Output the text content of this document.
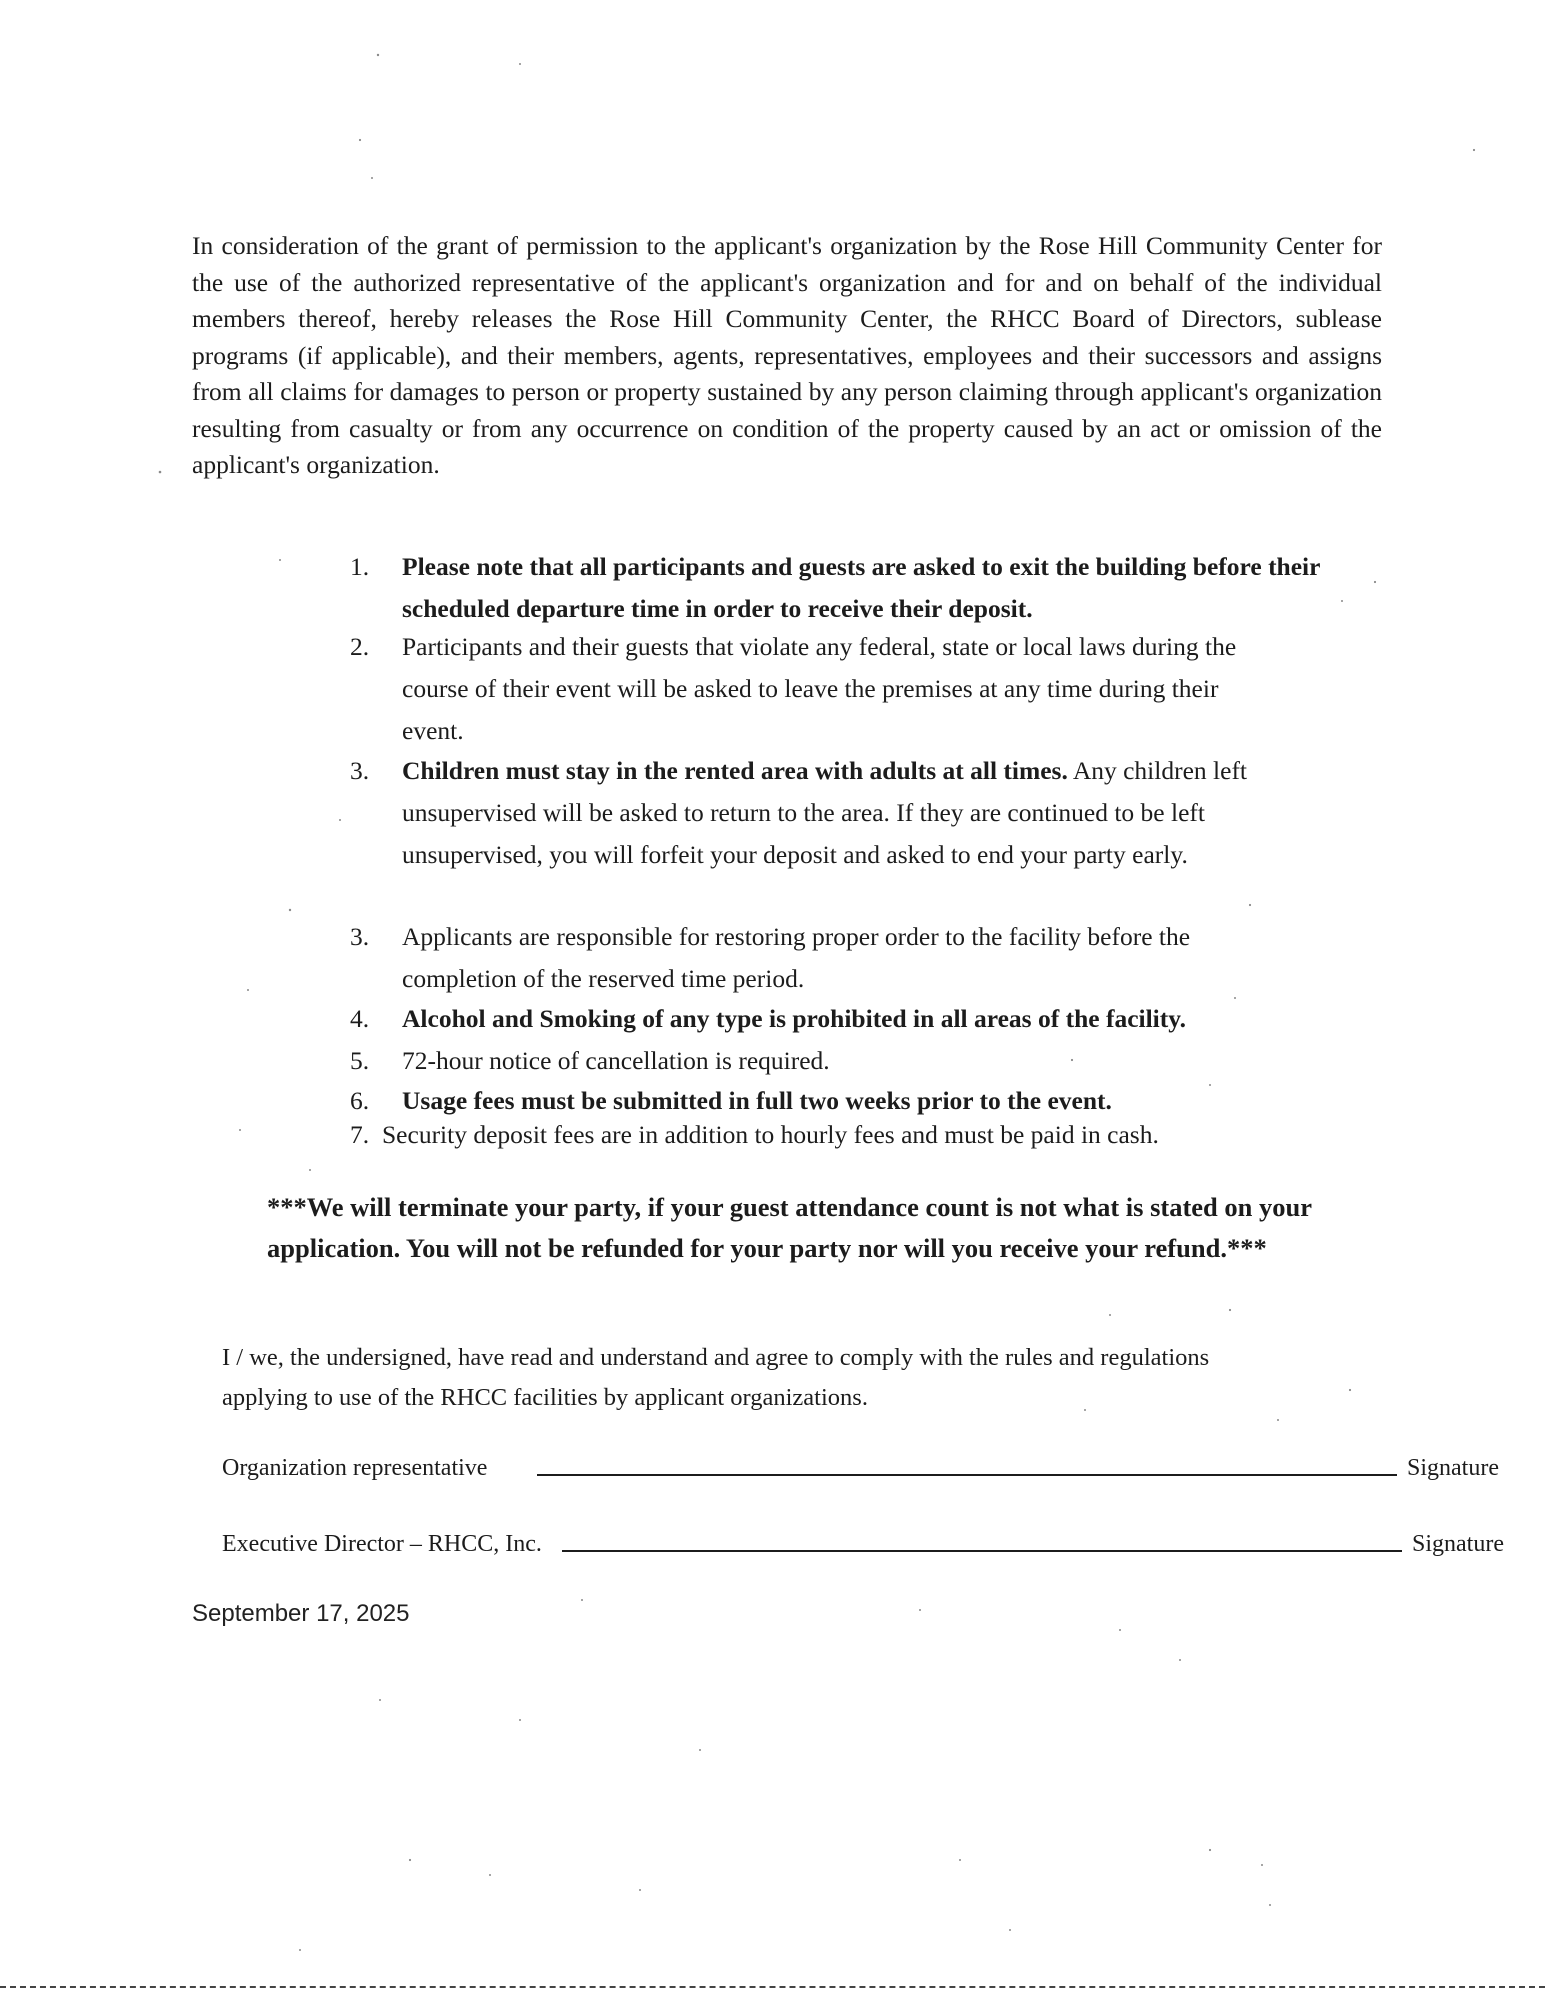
In consideration of the grant of permission to the applicant's organization by the Rose Hill Community Center for the use of the authorized representative of the applicant's organization and for and on behalf of the individual members thereof, hereby releases the Rose Hill Community Center, the RHCC Board of Directors, sublease programs (if applicable), and their members, agents, representatives, employees and their successors and assigns from all claims for damages to person or property sustained by any person claiming through applicant's organization resulting from casualty or from any occurrence on condition of the property caused by an act or omission of the applicant's organization.

1.	Please note that all participants and guests are asked to exit the building before their scheduled departure time in order to receive their deposit.
2.	Participants and their guests that violate any federal, state or local laws during the course of their event will be asked to leave the premises at any time during their event.
3.	Children must stay in the rented area with adults at all times. Any children left unsupervised will be asked to return to the area. If they are continued to be left unsupervised, you will forfeit your deposit and asked to end your party early.
3.	Applicants are responsible for restoring proper order to the facility before the completion of the reserved time period.
4.	Alcohol and Smoking of any type is prohibited in all areas of the facility.
5.	72-hour notice of cancellation is required.
6.	Usage fees must be submitted in full two weeks prior to the event.
7. Security deposit fees are in addition to hourly fees and must be paid in cash.

***We will terminate your party, if your guest attendance count is not what is stated on your application. You will not be refunded for your party nor will you receive your refund.***

I / we, the undersigned, have read and understand and agree to comply with the rules and regulations applying to use of the RHCC facilities by applicant organizations.

Organization representative	Signature
Executive Director – RHCC, Inc.	Signature
September 17, 2025
